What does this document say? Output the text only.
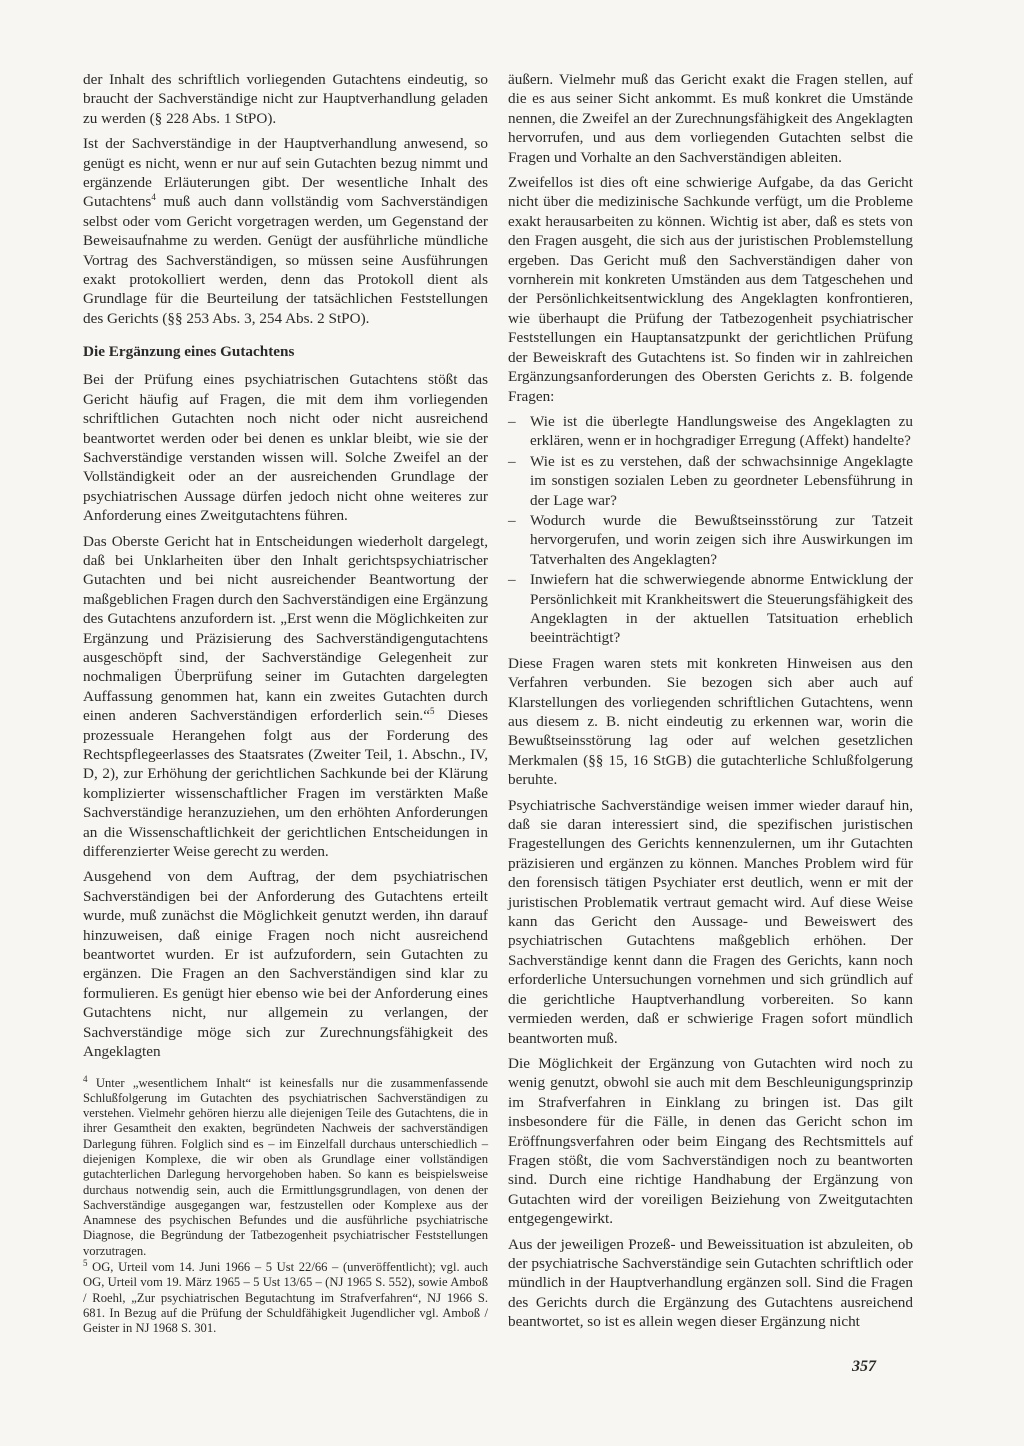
der Inhalt des schriftlich vorliegenden Gutachtens eindeutig, so braucht der Sachverständige nicht zur Hauptverhandlung geladen zu werden (§ 228 Abs. 1 StPO).

Ist der Sachverständige in der Hauptverhandlung anwesend, so genügt es nicht, wenn er nur auf sein Gutachten bezug nimmt und ergänzende Erläuterungen gibt. Der wesentliche Inhalt des Gutachtens$^4$ muß auch dann vollständig vom Sachverständigen selbst oder vom Gericht vorgetragen werden, um Gegenstand der Beweisaufnahme zu werden. Genügt der ausführliche mündliche Vortrag des Sachverständigen, so müssen seine Ausführungen exakt protokolliert werden, denn das Protokoll dient als Grundlage für die Beurteilung der tatsächlichen Feststellungen des Gerichts (§§ 253 Abs. 3, 254 Abs. 2 StPO).

Die Ergänzung eines Gutachtens

Bei der Prüfung eines psychiatrischen Gutachtens stößt das Gericht häufig auf Fragen, die mit dem ihm vorliegenden schriftlichen Gutachten noch nicht oder nicht ausreichend beantwortet werden oder bei denen es unklar bleibt, wie sie der Sachverständige verstanden wissen will. Solche Zweifel an der Vollständigkeit oder an der ausreichenden Grundlage der psychiatrischen Aussage dürfen jedoch nicht ohne weiteres zur Anforderung eines Zweitgutachtens führen.

Das Oberste Gericht hat in Entscheidungen wiederholt dargelegt, daß bei Unklarheiten über den Inhalt gerichtspsychiatrischer Gutachten und bei nicht ausreichender Beantwortung der maßgeblichen Fragen durch den Sachverständigen eine Ergänzung des Gutachtens anzufordern ist. „Erst wenn die Möglichkeiten zur Ergänzung und Präzisierung des Sachverständigengutachtens ausgeschöpft sind, der Sachverständige Gelegenheit zur nochmaligen Überprüfung seiner im Gutachten dargelegten Auffassung genommen hat, kann ein zweites Gutachten durch einen anderen Sachverständigen erforderlich sein.“$^5$ Dieses prozessuale Herangehen folgt aus der Forderung des Rechtspflegeerlasses des Staatsrates (Zweiter Teil, 1. Abschn., IV, D, 2), zur Erhöhung der gerichtlichen Sachkunde bei der Klärung komplizierter wissenschaftlicher Fragen im verstärkten Maße Sachverständige heranzuziehen, um den erhöhten Anforderungen an die Wissenschaftlichkeit der gerichtlichen Entscheidungen in differenzierter Weise gerecht zu werden.

Ausgehend von dem Auftrag, der dem psychiatrischen Sachverständigen bei der Anforderung des Gutachtens erteilt wurde, muß zunächst die Möglichkeit genutzt werden, ihn darauf hinzuweisen, daß einige Fragen noch nicht ausreichend beantwortet wurden. Er ist aufzufordern, sein Gutachten zu ergänzen. Die Fragen an den Sachverständigen sind klar zu formulieren. Es genügt hier ebenso wie bei der Anforderung eines Gutachtens nicht, nur allgemein zu verlangen, der Sachverständige möge sich zur Zurechnungsfähigkeit des Angeklagten

$^4$ Unter „wesentlichem Inhalt“ ist keinesfalls nur die zusammenfassende Schlußfolgerung im Gutachten des psychiatrischen Sachverständigen zu verstehen. Vielmehr gehören hierzu alle diejenigen Teile des Gutachtens, die in ihrer Gesamtheit den exakten, begründeten Nachweis der sachverständigen Darlegung führen. Folglich sind es – im Einzelfall durchaus unterschiedlich – diejenigen Komplexe, die wir oben als Grundlage einer vollständigen gutachterlichen Darlegung hervorgehoben haben. So kann es beispielsweise durchaus notwendig sein, auch die Ermittlungsgrundlagen, von denen der Sachverständige ausgegangen war, festzustellen oder Komplexe aus der Anamnese des psychischen Befundes und die ausführliche psychiatrische Diagnose, die Begründung der Tatbezogenheit psychiatrischer Feststellungen vorzutragen.

$^5$ OG, Urteil vom 14. Juni 1966 – 5 Ust 22/66 – (unveröffentlicht); vgl. auch OG, Urteil vom 19. März 1965 – 5 Ust 13/65 – (NJ 1965 S. 552), sowie Amboß / Roehl, „Zur psychiatrischen Begutachtung im Strafverfahren“, NJ 1966 S. 681. In Bezug auf die Prüfung der Schuldfähigkeit Jugendlicher vgl. Amboß / Geister in NJ 1968 S. 301.

äußern. Vielmehr muß das Gericht exakt die Fragen stellen, auf die es aus seiner Sicht ankommt. Es muß konkret die Umstände nennen, die Zweifel an der Zurechnungsfähigkeit des Angeklagten hervorrufen, und aus dem vorliegenden Gutachten selbst die Fragen und Vorhalte an den Sachverständigen ableiten.

Zweifellos ist dies oft eine schwierige Aufgabe, da das Gericht nicht über die medizinische Sachkunde verfügt, um die Probleme exakt herausarbeiten zu können. Wichtig ist aber, daß es stets von den Fragen ausgeht, die sich aus der juristischen Problemstellung ergeben. Das Gericht muß den Sachverständigen daher von vornherein mit konkreten Umständen aus dem Tatgeschehen und der Persönlichkeitsentwicklung des Angeklagten konfrontieren, wie überhaupt die Prüfung der Tatbezogenheit psychiatrischer Feststellungen ein Hauptansatzpunkt der gerichtlichen Prüfung der Beweiskraft des Gutachtens ist. So finden wir in zahlreichen Ergänzungsanforderungen des Obersten Gerichts z. B. folgende Fragen:

– Wie ist die überlegte Handlungsweise des Angeklagten zu erklären, wenn er in hochgradiger Erregung (Affekt) handelte?
– Wie ist es zu verstehen, daß der schwachsinnige Angeklagte im sonstigen sozialen Leben zu geordneter Lebensführung in der Lage war?
– Wodurch wurde die Bewußtseinsstörung zur Tatzeit hervorgerufen, und worin zeigen sich ihre Auswirkungen im Tatverhalten des Angeklagten?
– Inwiefern hat die schwerwiegende abnorme Entwicklung der Persönlichkeit mit Krankheitswert die Steuerungsfähigkeit des Angeklagten in der aktuellen Tatsituation erheblich beeinträchtigt?

Diese Fragen waren stets mit konkreten Hinweisen aus den Verfahren verbunden. Sie bezogen sich aber auch auf Klarstellungen des vorliegenden schriftlichen Gutachtens, wenn aus diesem z. B. nicht eindeutig zu erkennen war, worin die Bewußtseinsstörung lag oder auf welchen gesetzlichen Merkmalen (§§ 15, 16 StGB) die gutachterliche Schlußfolgerung beruhte.

Psychiatrische Sachverständige weisen immer wieder darauf hin, daß sie daran interessiert sind, die spezifischen juristischen Fragestellungen des Gerichts kennenzulernen, um ihr Gutachten präzisieren und ergänzen zu können. Manches Problem wird für den forensisch tätigen Psychiater erst deutlich, wenn er mit der juristischen Problematik vertraut gemacht wird. Auf diese Weise kann das Gericht den Aussage- und Beweiswert des psychiatrischen Gutachtens maßgeblich erhöhen. Der Sachverständige kennt dann die Fragen des Gerichts, kann noch erforderliche Untersuchungen vornehmen und sich gründlich auf die gerichtliche Hauptverhandlung vorbereiten. So kann vermieden werden, daß er schwierige Fragen sofort mündlich beantworten muß.

Die Möglichkeit der Ergänzung von Gutachten wird noch zu wenig genutzt, obwohl sie auch mit dem Beschleunigungsprinzip im Strafverfahren in Einklang zu bringen ist. Das gilt insbesondere für die Fälle, in denen das Gericht schon im Eröffnungsverfahren oder beim Eingang des Rechtsmittels auf Fragen stößt, die vom Sachverständigen noch zu beantworten sind. Durch eine richtige Handhabung der Ergänzung von Gutachten wird der voreiligen Beiziehung von Zweitgutachten entgegengewirkt.

Aus der jeweiligen Prozeß- und Beweissituation ist abzuleiten, ob der psychiatrische Sachverständige sein Gutachten schriftlich oder mündlich in der Hauptverhandlung ergänzen soll. Sind die Fragen des Gerichts durch die Ergänzung des Gutachtens ausreichend beantwortet, so ist es allein wegen dieser Ergänzung nicht

357
